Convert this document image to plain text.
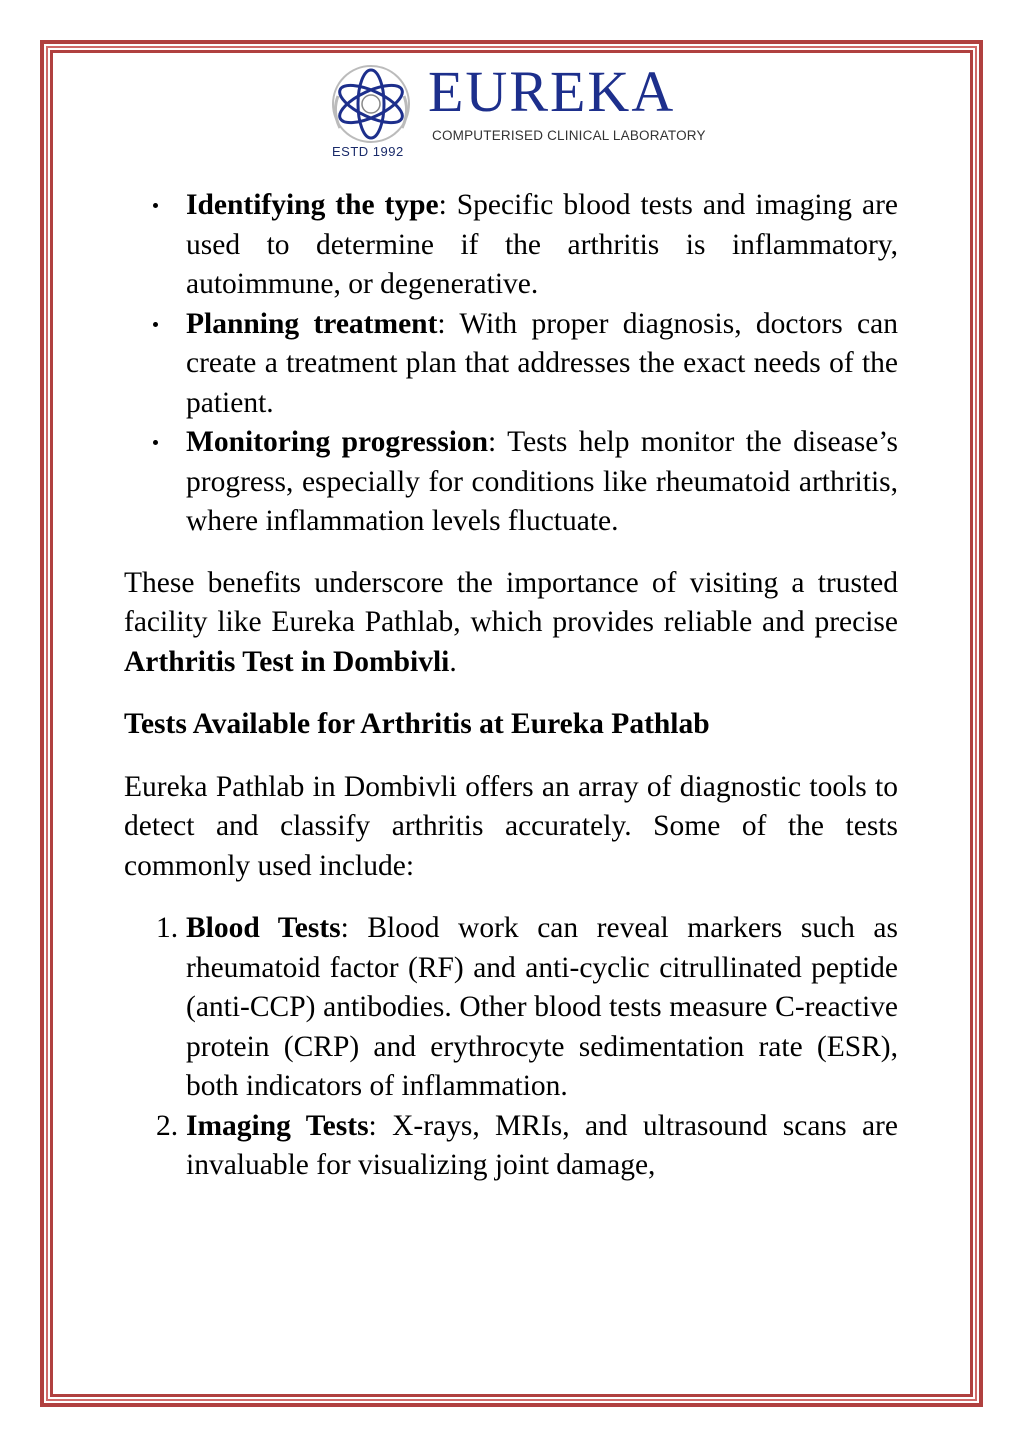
ESTD 1992
EUREKA
COMPUTERISED CLINICAL LABORATORY
Identifying the type: Specific blood tests and imaging are used to determine if the arthritis is inflammatory, autoimmune, or degenerative.
Planning treatment: With proper diagnosis, doctors can create a treatment plan that addresses the exact needs of the patient.
Monitoring progression: Tests help monitor the disease’s progress, especially for conditions like rheumatoid arthritis, where inflammation levels fluctuate.

These benefits underscore the importance of visiting a trusted facility like Eureka Pathlab, which provides reliable and precise Arthritis Test in Dombivli.

Tests Available for Arthritis at Eureka Pathlab

Eureka Pathlab in Dombivli offers an array of diagnostic tools to detect and classify arthritis accurately. Some of the tests commonly used include:

1. Blood Tests: Blood work can reveal markers such as rheumatoid factor (RF) and anti-cyclic citrullinated peptide (anti-CCP) antibodies. Other blood tests measure C-reactive protein (CRP) and erythrocyte sedimentation rate (ESR), both indicators of inflammation.
2. Imaging Tests: X-rays, MRIs, and ultrasound scans are invaluable for visualizing joint damage,
